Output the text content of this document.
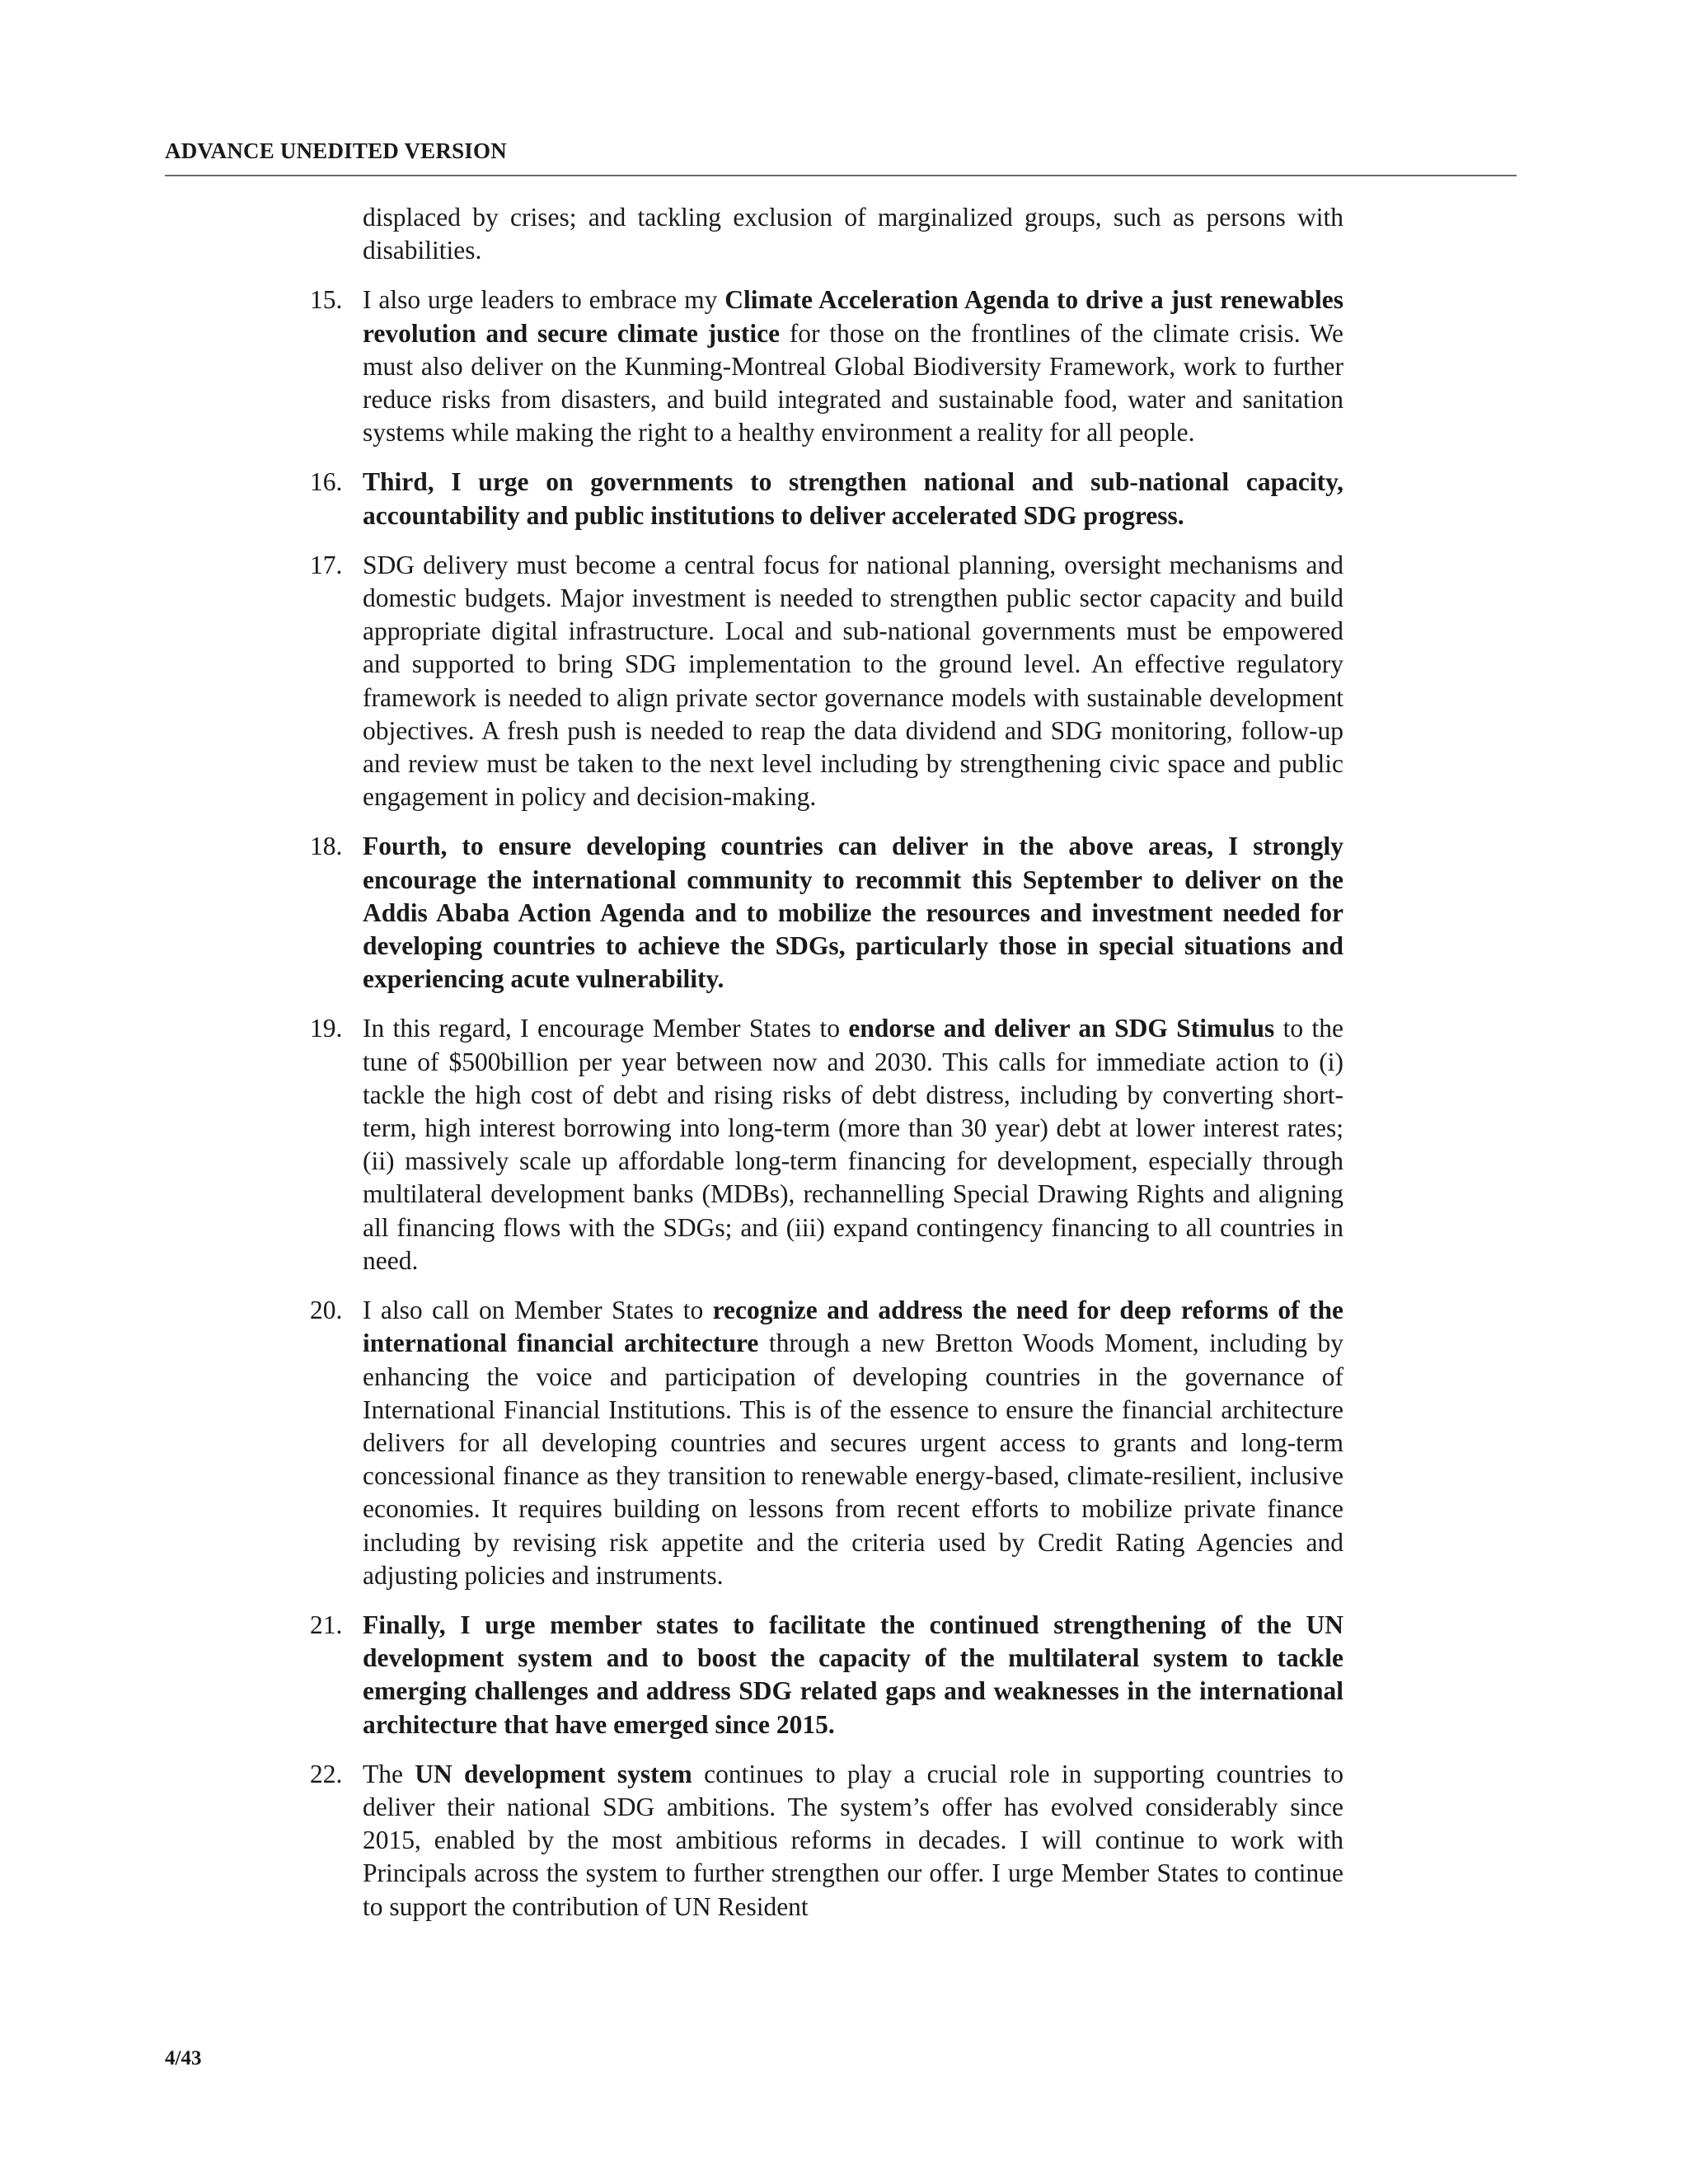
ADVANCE UNEDITED VERSION
displaced by crises; and tackling exclusion of marginalized groups, such as persons with disabilities.
15. I also urge leaders to embrace my Climate Acceleration Agenda to drive a just renewables revolution and secure climate justice for those on the frontlines of the climate crisis. We must also deliver on the Kunming-Montreal Global Biodiversity Framework, work to further reduce risks from disasters, and build integrated and sustainable food, water and sanitation systems while making the right to a healthy environment a reality for all people.
16. Third, I urge on governments to strengthen national and sub-national capacity, accountability and public institutions to deliver accelerated SDG progress.
17. SDG delivery must become a central focus for national planning, oversight mechanisms and domestic budgets. Major investment is needed to strengthen public sector capacity and build appropriate digital infrastructure. Local and sub-national governments must be empowered and supported to bring SDG implementation to the ground level. An effective regulatory framework is needed to align private sector governance models with sustainable development objectives. A fresh push is needed to reap the data dividend and SDG monitoring, follow-up and review must be taken to the next level including by strengthening civic space and public engagement in policy and decision-making.
18. Fourth, to ensure developing countries can deliver in the above areas, I strongly encourage the international community to recommit this September to deliver on the Addis Ababa Action Agenda and to mobilize the resources and investment needed for developing countries to achieve the SDGs, particularly those in special situations and experiencing acute vulnerability.
19. In this regard, I encourage Member States to endorse and deliver an SDG Stimulus to the tune of $500billion per year between now and 2030. This calls for immediate action to (i) tackle the high cost of debt and rising risks of debt distress, including by converting short-term, high interest borrowing into long-term (more than 30 year) debt at lower interest rates; (ii) massively scale up affordable long-term financing for development, especially through multilateral development banks (MDBs), rechannelling Special Drawing Rights and aligning all financing flows with the SDGs; and (iii) expand contingency financing to all countries in need.
20. I also call on Member States to recognize and address the need for deep reforms of the international financial architecture through a new Bretton Woods Moment, including by enhancing the voice and participation of developing countries in the governance of International Financial Institutions. This is of the essence to ensure the financial architecture delivers for all developing countries and secures urgent access to grants and long-term concessional finance as they transition to renewable energy-based, climate-resilient, inclusive economies. It requires building on lessons from recent efforts to mobilize private finance including by revising risk appetite and the criteria used by Credit Rating Agencies and adjusting policies and instruments.
21. Finally, I urge member states to facilitate the continued strengthening of the UN development system and to boost the capacity of the multilateral system to tackle emerging challenges and address SDG related gaps and weaknesses in the international architecture that have emerged since 2015.
22. The UN development system continues to play a crucial role in supporting countries to deliver their national SDG ambitions. The system’s offer has evolved considerably since 2015, enabled by the most ambitious reforms in decades. I will continue to work with Principals across the system to further strengthen our offer. I urge Member States to continue to support the contribution of UN Resident
4/43
